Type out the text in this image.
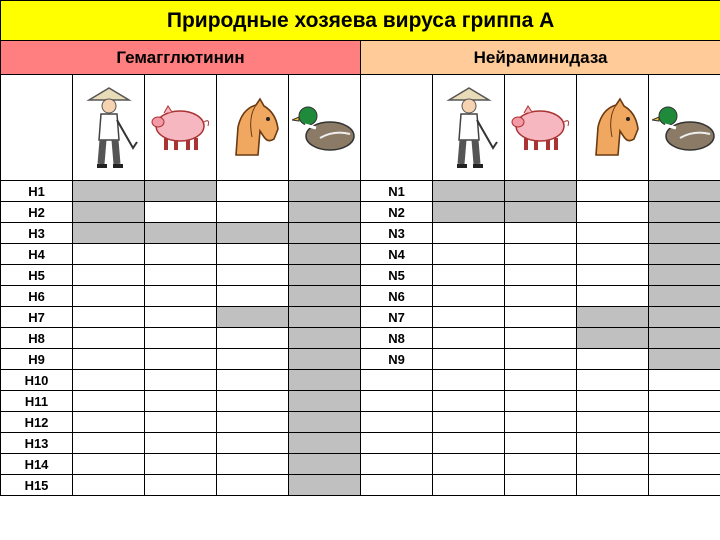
Природные хозяева вируса гриппа А									
Гемагглютинин					Нейраминидаза				

H1					N1				
H2					N2				
H3					N3				
H4					N4				
H5					N5				
H6					N6				
H7					N7				
H8					N8				
H9					N9				
H10									
H11									
H12									
H13									
H14									
H15									
